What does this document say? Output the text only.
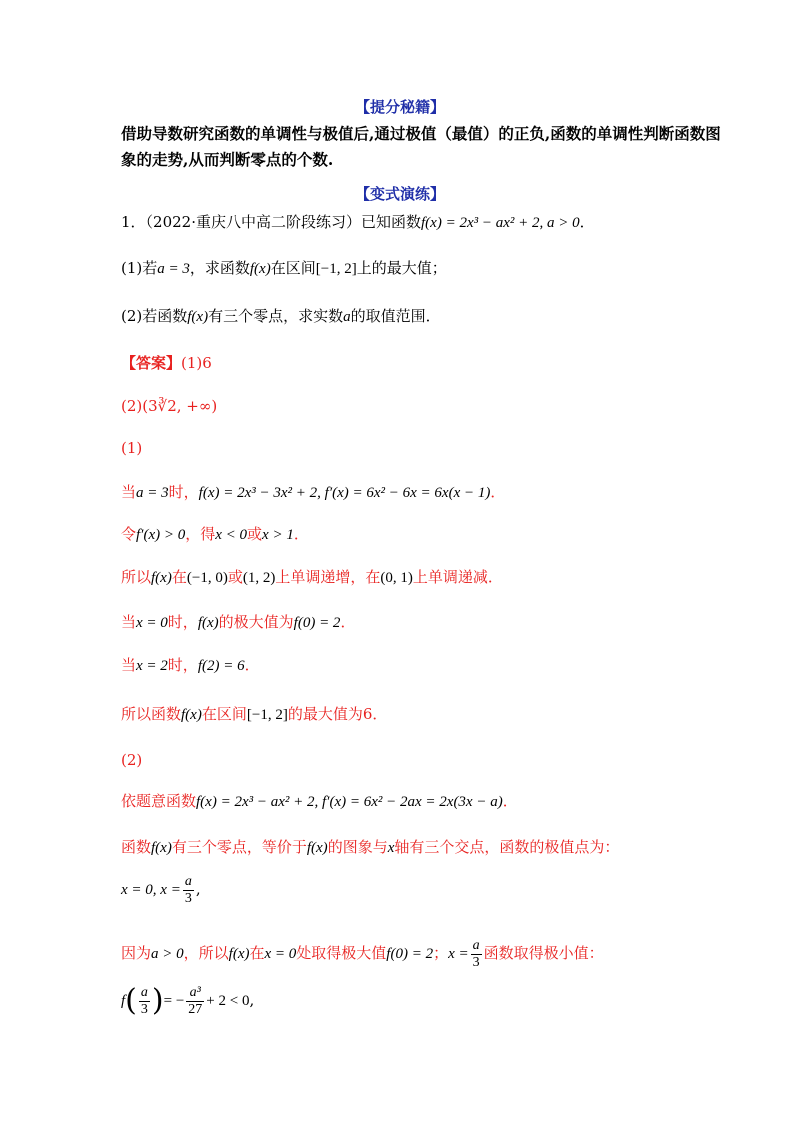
【提分秘籍】
借助导数研究函数的单调性与极值后,通过极值（最值）的正负,函数的单调性判断函数图
象的走势,从而判断零点的个数.
【变式演练】
1．（2022·重庆八中高二阶段练习）已知函数f(x) = 2x³ − ax² + 2, a > 0．
(1)若a = 3，求函数f(x)在区间[−1, 2]上的最大值；
(2)若函数f(x)有三个零点，求实数a的取值范围．
【答案】(1)6
(2)(3∛2, +∞)
(1)
当a = 3时，f(x) = 2x³ − 3x² + 2, f′(x) = 6x² − 6x = 6x(x − 1)．
令f′(x) > 0，得x < 0或x > 1．
所以f(x)在(−1, 0)或(1, 2)上单调递增，在(0, 1)上单调递减．
当x = 0时，f(x)的极大值为f(0) = 2．
当x = 2时，f(2) = 6．
所以函数f(x)在区间[−1, 2]的最大值为6．
(2)
依题意函数f(x) = 2x³ − ax² + 2, f′(x) = 6x² − 2ax = 2x(3x − a)．
函数f(x)有三个零点，等价于f(x)的图象与x轴有三个交点，函数的极值点为：
x = 0, $x = \frac{a}{3}$ ,
因为a > 0，所以f(x)在x = 0处取得极大值f(0) = 2；$x = \frac{a}{3}$ 函数取得极小值：
$f( \frac{a}{3}$ )= − $\frac{\text{a³}}{27} + 2 < 0$,
